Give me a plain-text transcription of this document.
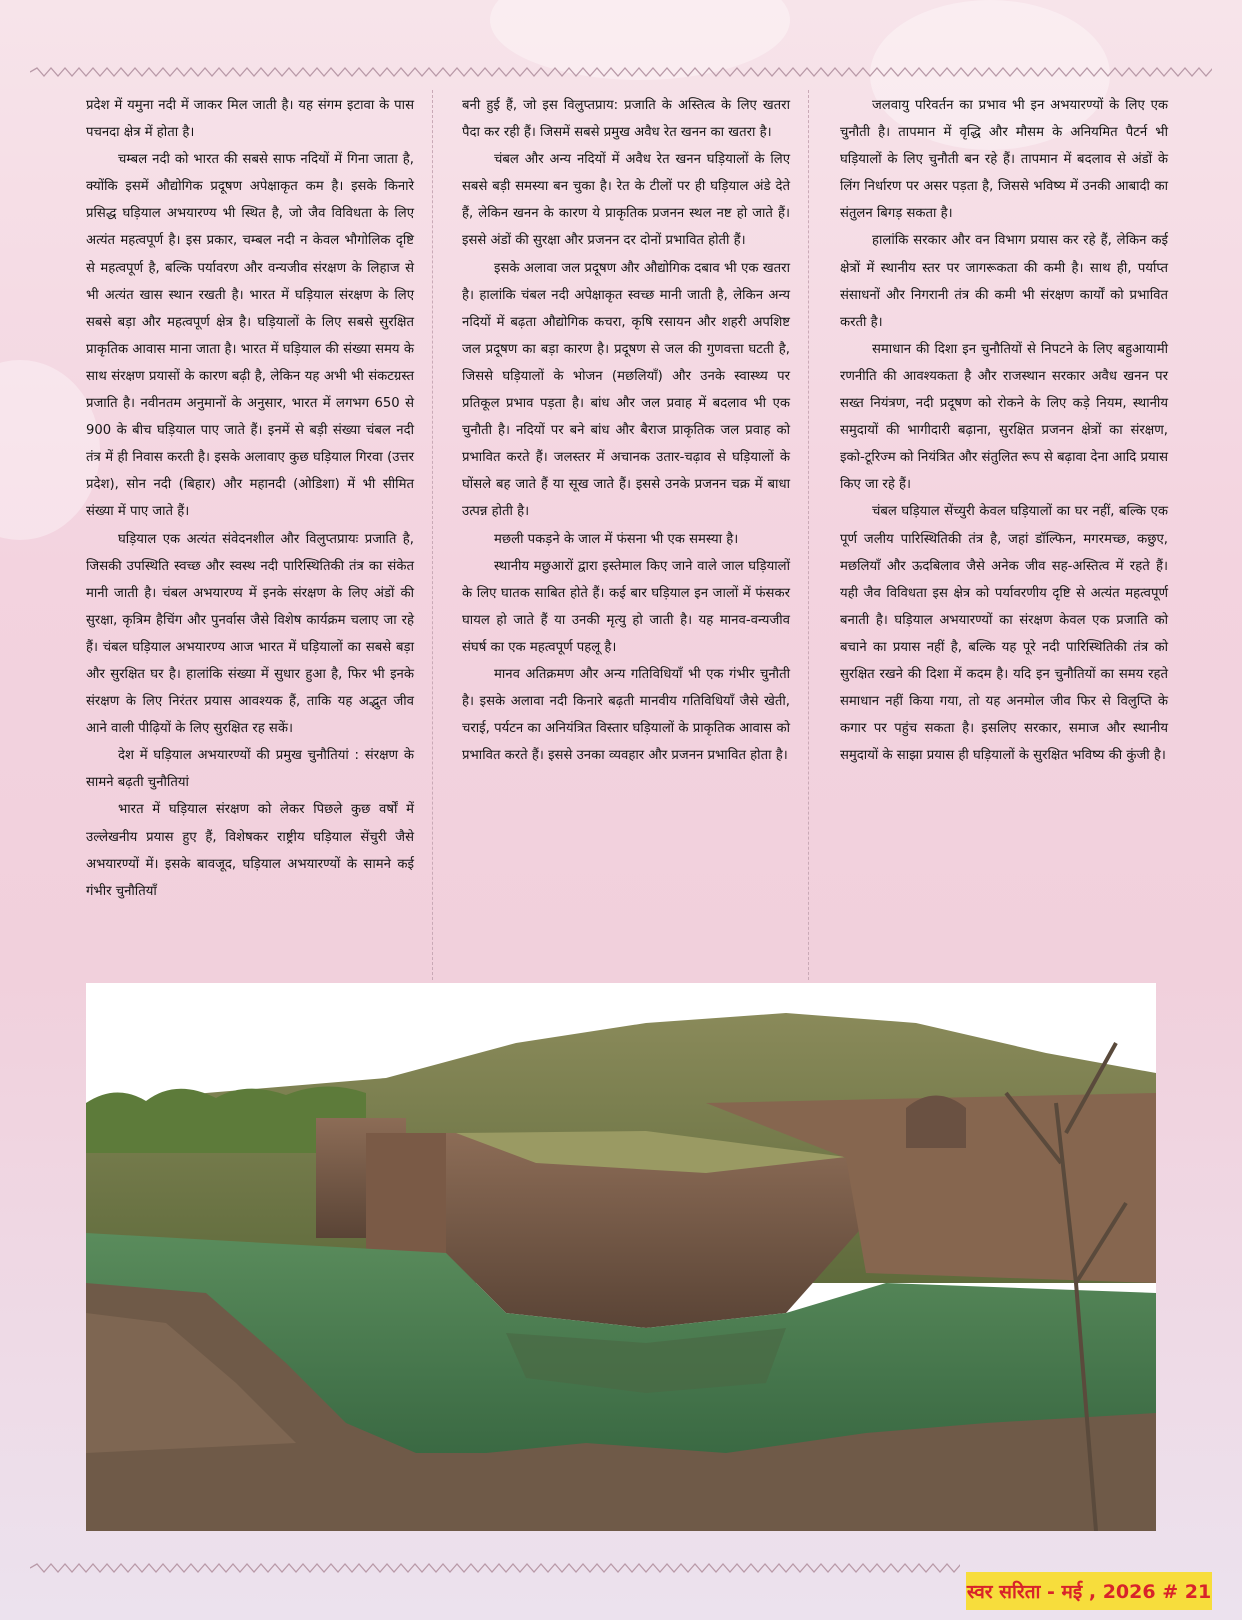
प्रदेश में यमुना नदी में जाकर मिल जाती है। यह संगम इटावा के पास पचनदा क्षेत्र में होता है।

चम्बल नदी को भारत की सबसे साफ नदियों में गिना जाता है, क्योंकि इसमें औद्योगिक प्रदूषण अपेक्षाकृत कम है। इसके किनारे प्रसिद्ध घड़ियाल अभयारण्य भी स्थित है, जो जैव विविधता के लिए अत्यंत महत्वपूर्ण है। इस प्रकार, चम्बल नदी न केवल भौगोलिक दृष्टि से महत्वपूर्ण है, बल्कि पर्यावरण और वन्यजीव संरक्षण के लिहाज से भी अत्यंत खास स्थान रखती है। भारत में घड़ियाल संरक्षण के लिए सबसे बड़ा और महत्वपूर्ण क्षेत्र है। घड़ियालों के लिए सबसे सुरक्षित प्राकृतिक आवास माना जाता है। भारत में घड़ियाल की संख्या समय के साथ संरक्षण प्रयासों के कारण बढ़ी है, लेकिन यह अभी भी संकटग्रस्त प्रजाति है। नवीनतम अनुमानों के अनुसार, भारत में लगभग 650 से 900 के बीच घड़ियाल पाए जाते हैं। इनमें से बड़ी संख्या चंबल नदी तंत्र में ही निवास करती है। इसके अलावाए कुछ घड़ियाल गिरवा (उत्तर प्रदेश), सोन नदी (बिहार) और महानदी (ओडिशा) में भी सीमित संख्या में पाए जाते हैं।

घड़ियाल एक अत्यंत संवेदनशील और विलुप्तप्रायः प्रजाति है, जिसकी उपस्थिति स्वच्छ और स्वस्थ नदी पारिस्थितिकी तंत्र का संकेत मानी जाती है। चंबल अभयारण्य में इनके संरक्षण के लिए अंडों की सुरक्षा, कृत्रिम हैचिंग और पुनर्वास जैसे विशेष कार्यक्रम चलाए जा रहे हैं। चंबल घड़ियाल अभयारण्य आज भारत में घड़ियालों का सबसे बड़ा और सुरक्षित घर है। हालांकि संख्या में सुधार हुआ है, फिर भी इनके संरक्षण के लिए निरंतर प्रयास आवश्यक हैं, ताकि यह अद्भुत जीव आने वाली पीढ़ियों के लिए सुरक्षित रह सकें।

देश में घड़ियाल अभयारण्यों की प्रमुख चुनौतियां : संरक्षण के सामने बढ़ती चुनौतियां

भारत में घड़ियाल संरक्षण को लेकर पिछले कुछ वर्षों में उल्लेखनीय प्रयास हुए हैं, विशेषकर राष्ट्रीय घड़ियाल सेंचुरी जैसे अभयारण्यों में। इसके बावजूद, घड़ियाल अभयारण्यों के सामने कई गंभीर चुनौतियाँ

बनी हुई हैं, जो इस विलुप्तप्राय: प्रजाति के अस्तित्व के लिए खतरा पैदा कर रही हैं। जिसमें सबसे प्रमुख अवैध रेत खनन का खतरा है।

चंबल और अन्य नदियों में अवैध रेत खनन घड़ियालों के लिए सबसे बड़ी समस्या बन चुका है। रेत के टीलों पर ही घड़ियाल अंडे देते हैं, लेकिन खनन के कारण ये प्राकृतिक प्रजनन स्थल नष्ट हो जाते हैं। इससे अंडों की सुरक्षा और प्रजनन दर दोनों प्रभावित होती हैं।

इसके अलावा जल प्रदूषण और औद्योगिक दबाव भी एक खतरा है। हालांकि चंबल नदी अपेक्षाकृत स्वच्छ मानी जाती है, लेकिन अन्य नदियों में बढ़ता औद्योगिक कचरा, कृषि रसायन और शहरी अपशिष्ट जल प्रदूषण का बड़ा कारण है। प्रदूषण से जल की गुणवत्ता घटती है, जिससे घड़ियालों के भोजन (मछलियाँ) और उनके स्वास्थ्य पर प्रतिकूल प्रभाव पड़ता है। बांध और जल प्रवाह में बदलाव भी एक चुनौती है। नदियों पर बने बांध और बैराज प्राकृतिक जल प्रवाह को प्रभावित करते हैं। जलस्तर में अचानक उतार-चढ़ाव से घड़ियालों के घोंसले बह जाते हैं या सूख जाते हैं। इससे उनके प्रजनन चक्र में बाधा उत्पन्न होती है।

मछली पकड़ने के जाल में फंसना भी एक समस्या है।

स्थानीय मछुआरों द्वारा इस्तेमाल किए जाने वाले जाल घड़ियालों के लिए घातक साबित होते हैं। कई बार घड़ियाल इन जालों में फंसकर घायल हो जाते हैं या उनकी मृत्यु हो जाती है। यह मानव-वन्यजीव संघर्ष का एक महत्वपूर्ण पहलू है।

मानव अतिक्रमण और अन्य गतिविधियाँ भी एक गंभीर चुनौती है। इसके अलावा नदी किनारे बढ़ती मानवीय गतिविधियाँ जैसे खेती, चराई, पर्यटन का अनियंत्रित विस्तार घड़ियालों के प्राकृतिक आवास को प्रभावित करते हैं। इससे उनका व्यवहार और प्रजनन प्रभावित होता है।

जलवायु परिवर्तन का प्रभाव भी इन अभयारण्यों के लिए एक चुनौती है। तापमान में वृद्धि और मौसम के अनियमित पैटर्न भी घड़ियालों के लिए चुनौती बन रहे हैं। तापमान में बदलाव से अंडों के लिंग निर्धारण पर असर पड़ता है, जिससे भविष्य में उनकी आबादी का संतुलन बिगड़ सकता है।

हालांकि सरकार और वन विभाग प्रयास कर रहे हैं, लेकिन कई क्षेत्रों में स्थानीय स्तर पर जागरूकता की कमी है। साथ ही, पर्याप्त संसाधनों और निगरानी तंत्र की कमी भी संरक्षण कार्यों को प्रभावित करती है।

समाधान की दिशा इन चुनौतियों से निपटने के लिए बहुआयामी रणनीति की आवश्यकता है और राजस्थान सरकार अवैध खनन पर सख्त नियंत्रण, नदी प्रदूषण को रोकने के लिए कड़े नियम, स्थानीय समुदायों की भागीदारी बढ़ाना, सुरक्षित प्रजनन क्षेत्रों का संरक्षण, इको-टूरिज्म को नियंत्रित और संतुलित रूप से बढ़ावा देना आदि प्रयास किए जा रहे हैं।

चंबल घड़ियाल सेंच्युरी केवल घड़ियालों का घर नहीं, बल्कि एक पूर्ण जलीय पारिस्थितिकी तंत्र है, जहां डॉल्फिन, मगरमच्छ, कछुए, मछलियाँ और ऊदबिलाव जैसे अनेक जीव सह-अस्तित्व में रहते हैं। यही जैव विविधता इस क्षेत्र को पर्यावरणीय दृष्टि से अत्यंत महत्वपूर्ण बनाती है। घड़ियाल अभयारण्यों का संरक्षण केवल एक प्रजाति को बचाने का प्रयास नहीं है, बल्कि यह पूरे नदी पारिस्थितिकी तंत्र को सुरक्षित रखने की दिशा में कदम है। यदि इन चुनौतियों का समय रहते समाधान नहीं किया गया, तो यह अनमोल जीव फिर से विलुप्ति के कगार पर पहुंच सकता है। इसलिए सरकार, समाज और स्थानीय समुदायों के साझा प्रयास ही घड़ियालों के सुरक्षित भविष्य की कुंजी है।

स्वर सरिता - मई , 2026 # 21
